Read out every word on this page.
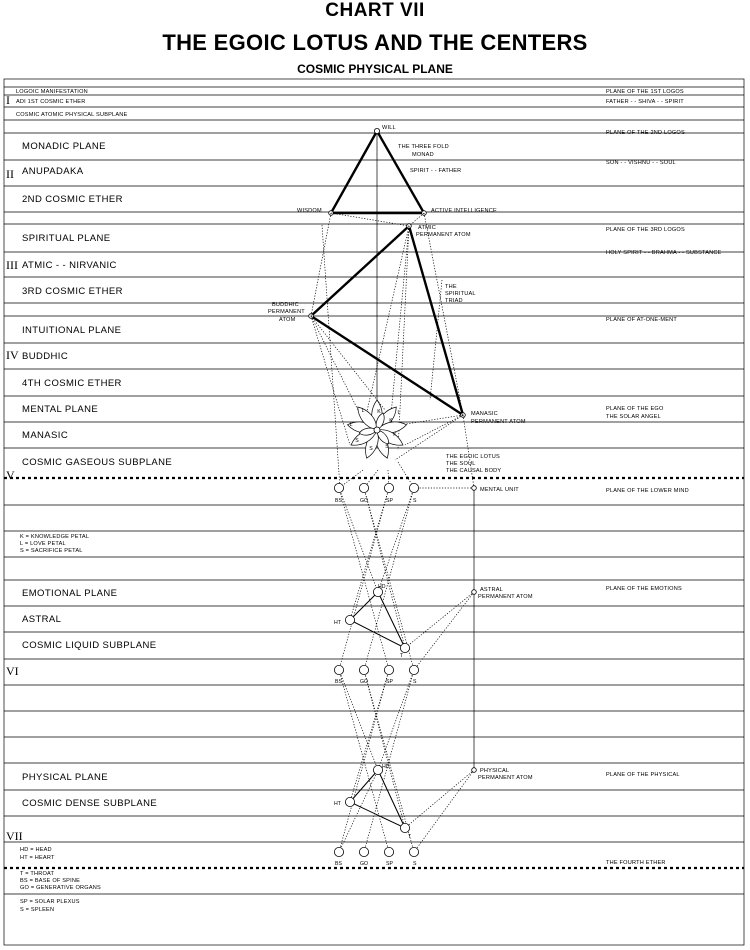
CHART VII
THE EGOIC LOTUS AND THE CENTERS
COSMIC PHYSICAL PLANE
I
II
III
IV
V
VI
VII
LOGOIC MANIFESTATION
ADI 1ST COSMIC ETHER
COSMIC ATOMIC PHYSICAL SUBPLANE
MONADIC PLANE
ANUPADAKA
2ND COSMIC ETHER
SPIRITUAL PLANE
ATMIC - - NIRVANIC
3RD COSMIC ETHER
INTUITIONAL PLANE
BUDDHIC
4TH COSMIC ETHER
MENTAL PLANE
MANASIC
COSMIC GASEOUS SUBPLANE
EMOTIONAL PLANE
ASTRAL
COSMIC LIQUID SUBPLANE
PHYSICAL PLANE
COSMIC DENSE SUBPLANE
PLANE OF THE 1ST LOGOS
FATHER - - SHIVA - - SPIRIT
PLANE OF THE 2ND LOGOS
SON - - VISHNU - - SOUL
PLANE OF THE 3RD LOGOS
HOLY SPIRIT - - BRAHMA - - SUBSTANCE
PLANE OF AT-ONE-MENT
PLANE OF THE EGO
THE SOLAR ANGEL
PLANE OF THE LOWER MIND
PLANE OF THE EMOTIONS
PLANE OF THE PHYSICAL
THE FOURTH ETHER
K
K
K
L
L
L
S
S S
WILL
THE THREE FOLD
MONAD
SPIRIT - - FATHER
WISDOM	ACTIVE INTELLIGENCE
ATMIC
PERMANENT ATOM
THE
SPIRITUAL
TRIAD
BUDDHIC
PERMANENT
ATOM
MANASIC
PERMANENT ATOM
THE EGOIC LOTUS
THE SOUL
THE CAUSAL BODY
MENTAL UNIT
ASTRAL
PERMANENT ATOM
PHYSICAL
PERMANENT ATOM
BS	GO	SP	S
HD
HT
T
BS	GO	SP	S
HD
HT
T
BS	GO	SP	S
K = KNOWLEDGE PETAL
L = LOVE PETAL
S = SACRIFICE PETAL
HD = HEAD
HT = HEART
T = THROAT
BS = BASE OF SPINE
GO = GENERATIVE ORGANS
SP = SOLAR PLEXUS
S = SPLEEN
